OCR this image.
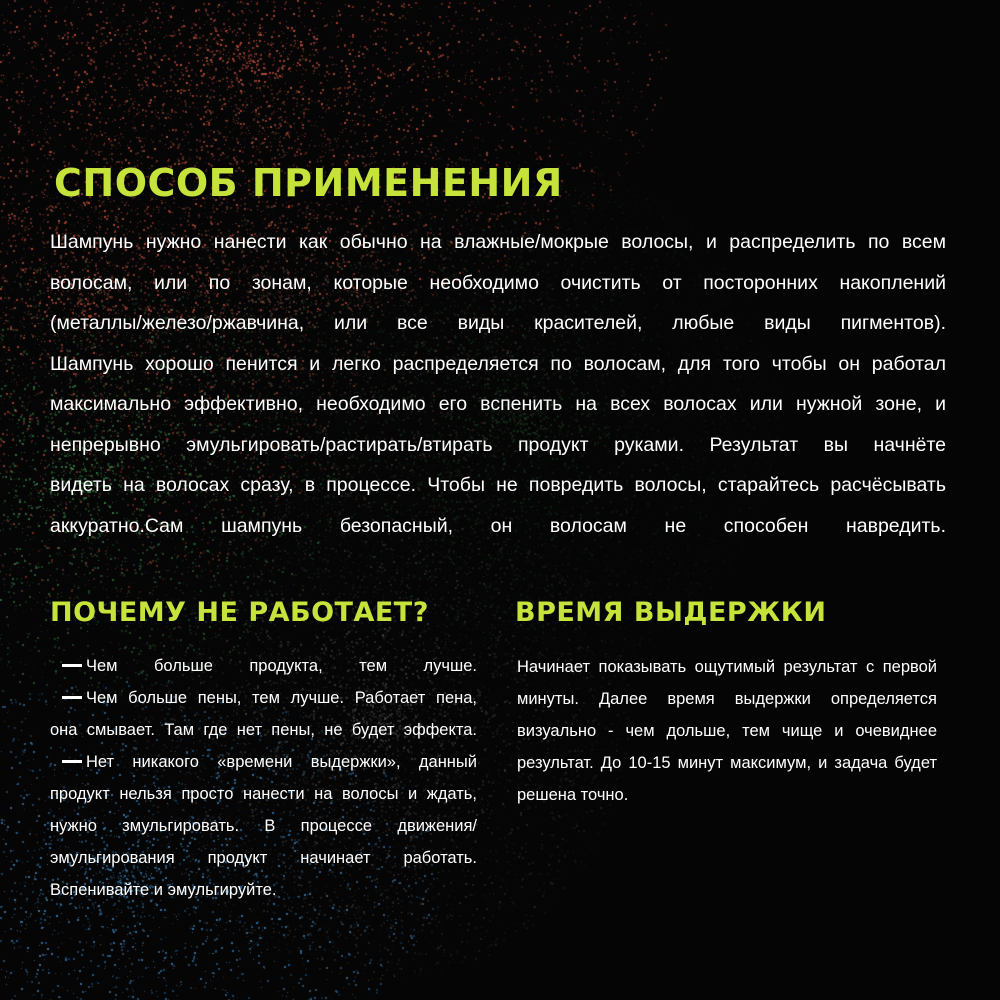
СПОСОБ ПРИМЕНЕНИЯ
Шампунь нужно нанести как обычно на влажные/мокрые волосы, и распределить по всем
волосам, или по зонам, которые необходимо очистить от посторонних накоплений
(металлы/железо/ржавчина, или все виды красителей, любые виды пигментов).
Шампунь хорошо пенится и легко распределяется по волосам, для того чтобы он работал
максимально эффективно, необходимо его вспенить на всех волосах или нужной зоне, и
непрерывно эмульгировать/растирать/втирать продукт руками. Результат вы начнёте
видеть на волосах сразу, в процессе. Чтобы не повредить волосы, старайтесь расчёсывать
аккуратно.Сам шампунь безопасный, он волосам не способен навредить.
ПОЧЕМУ НЕ РАБОТАЕТ?	ВРЕМЯ ВЫДЕРЖКИ
Чем больше продукта, тем лучше.
Чем больше пены, тем лучше. Работает пена,
она смывает. Там где нет пены, не будет эффекта.
Нет никакого «времени выдержки», данный
продукт нельзя просто нанести на волосы и ждать,
нужно змульгировать. В процессе движения/
эмульгирования продукт начинает работать.
Вспенивайте и эмульгируйте.
Начинает показывать ощутимый результат с первой
минуты. Далее время выдержки определяется
визуально - чем дольше, тем чище и очевиднее
результат. До 10-15 минут максимум, и задача будет
решена точно.
